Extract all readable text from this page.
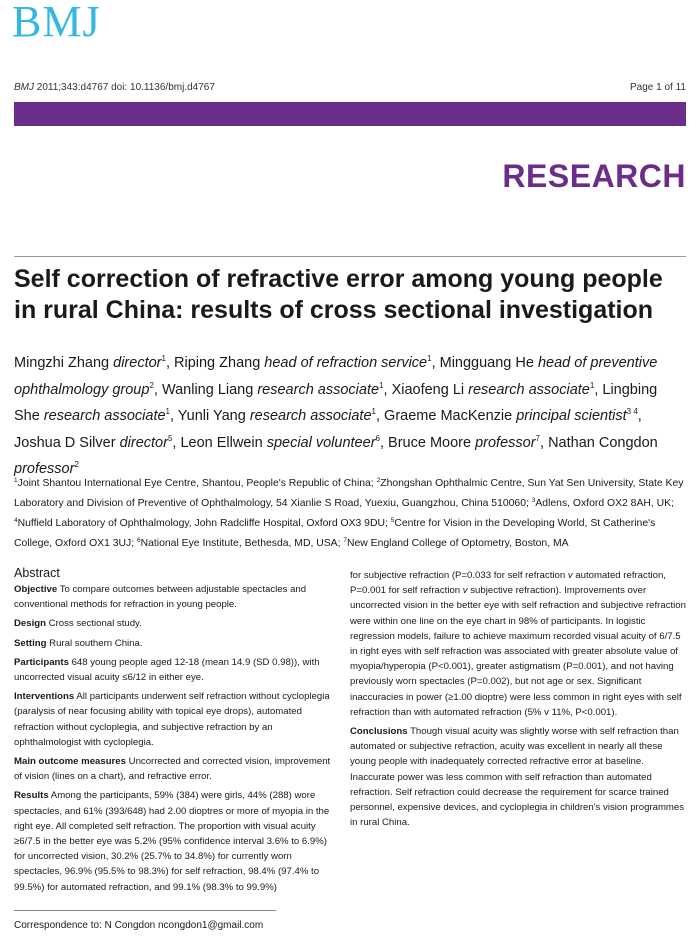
BMJ
BMJ 2011;343:d4767 doi: 10.1136/bmj.d4767	Page 1 of 11
RESEARCH
Self correction of refractive error among young people in rural China: results of cross sectional investigation
Mingzhi Zhang director$^1$, Riping Zhang head of refraction service$^1$, Mingguang He head of preventive ophthalmology group$^2$, Wanling Liang research associate$^1$, Xiaofeng Li research associate$^1$, Lingbing She research associate$^1$, Yunli Yang research associate$^1$, Graeme MacKenzie principal scientist$^{3 4}$, Joshua D Silver director$^5$, Leon Ellwein special volunteer$^6$, Bruce Moore professor$^7$, Nathan Congdon professor$^2$
$^1$Joint Shantou International Eye Centre, Shantou, People's Republic of China; $^2$Zhongshan Ophthalmic Centre, Sun Yat Sen University, State Key Laboratory and Division of Preventive of Ophthalmology, 54 Xianlie S Road, Yuexiu, Guangzhou, China 510060; $^3$Adlens, Oxford OX2 8AH, UK; $^4$Nuffield Laboratory of Ophthalmology, John Radcliffe Hospital, Oxford OX3 9DU; $^5$Centre for Vision in the Developing World, St Catherine's College, Oxford OX1 3UJ; $^6$National Eye Institute, Bethesda, MD, USA; $^7$New England College of Optometry, Boston, MA
Abstract

Objective To compare outcomes between adjustable spectacles and conventional methods for refraction in young people.

Design Cross sectional study.

Setting Rural southern China.

Participants 648 young people aged 12-18 (mean 14.9 (SD 0.98)), with uncorrected visual acuity ≤6/12 in either eye.

Interventions All participants underwent self refraction without cycloplegia (paralysis of near focusing ability with topical eye drops), automated refraction without cycloplegia, and subjective refraction by an ophthalmologist with cycloplegia.

Main outcome measures Uncorrected and corrected vision, improvement of vision (lines on a chart), and refractive error.

Results Among the participants, 59% (384) were girls, 44% (288) wore spectacles, and 61% (393/648) had 2.00 dioptres or more of myopia in the right eye. All completed self refraction. The proportion with visual acuity ≥6/7.5 in the better eye was 5.2% (95% confidence interval 3.6% to 6.9%) for uncorrected vision, 30.2% (25.7% to 34.8%) for currently worn spectacles, 96.9% (95.5% to 98.3%) for self refraction, 98.4% (97.4% to 99.5%) for automated refraction, and 99.1% (98.3% to 99.9%)

for subjective refraction (P=0.033 for self refraction v automated refraction, P=0.001 for self refraction v subjective refraction). Improvements over uncorrected vision in the better eye with self refraction and subjective refraction were within one line on the eye chart in 98% of participants. In logistic regression models, failure to achieve maximum recorded visual acuity of 6/7.5 in right eyes with self refraction was associated with greater absolute value of myopia/hyperopia (P<0.001), greater astigmatism (P=0.001), and not having previously worn spectacles (P=0.002), but not age or sex. Significant inaccuracies in power (≥1.00 dioptre) were less common in right eyes with self refraction than with automated refraction (5% v 11%, P<0.001).

Conclusions Though visual acuity was slightly worse with self refraction than automated or subjective refraction, acuity was excellent in nearly all these young people with inadequately corrected refractive error at baseline. Inaccurate power was less common with self refraction than automated refraction. Self refraction could decrease the requirement for scarce trained personnel, expensive devices, and cycloplegia in children's vision programmes in rural China.

Correspondence to: N Congdon ncongdon1@gmail.com
